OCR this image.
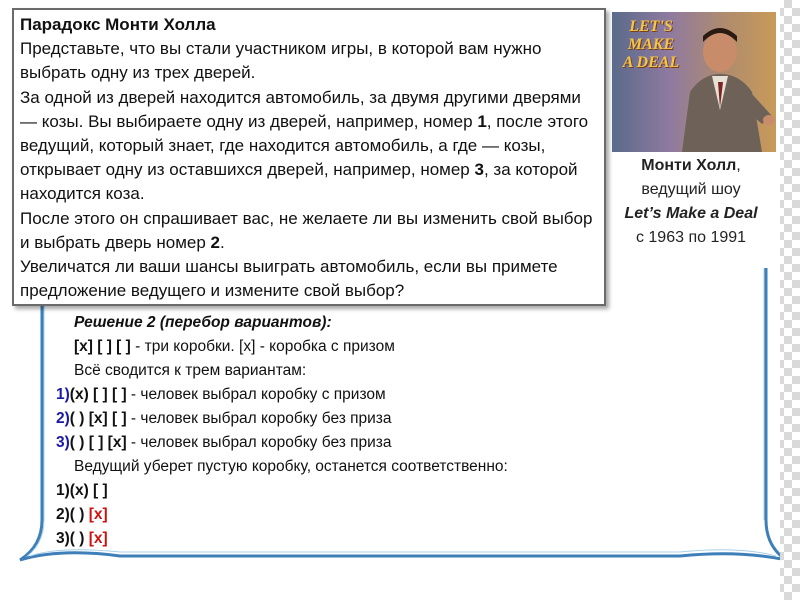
Парадокс Монти Холла

Представьте, что вы стали участником игры, в которой вам нужно выбрать одну из трех дверей.

За одной из дверей находится автомобиль, за двумя другими дверями — козы. Вы выбираете одну из дверей, например, номер 1, после этого ведущий, который знает, где находится автомобиль, а где — козы, открывает одну из оставшихся дверей, например, номер 3, за которой находится коза.

После этого он спрашивает вас, не желаете ли вы изменить свой выбор и выбрать дверь номер 2.

Увеличатся ли ваши шансы выиграть автомобиль, если вы примете предложение ведущего и измените свой выбор?

LET'S MAKE A DEAL
Монти Холл,
ведущий шоу
Let’s Make a Deal
с 1963 по 1991
Решение 2 (перебор вариантов):
[x] [ ] [ ] - три коробки. [x] - коробка с призом
Всё сводится к трем вариантам:
1)(x) [ ] [ ] - человек выбрал коробку с призом
2)( ) [x] [ ] - человек выбрал коробку без приза
3)( ) [ ] [x] - человек выбрал коробку без приза
Ведущий уберет пустую коробку, останется соответственно:
1)(x) [ ]
2)( ) [x]
3)( ) [x]
